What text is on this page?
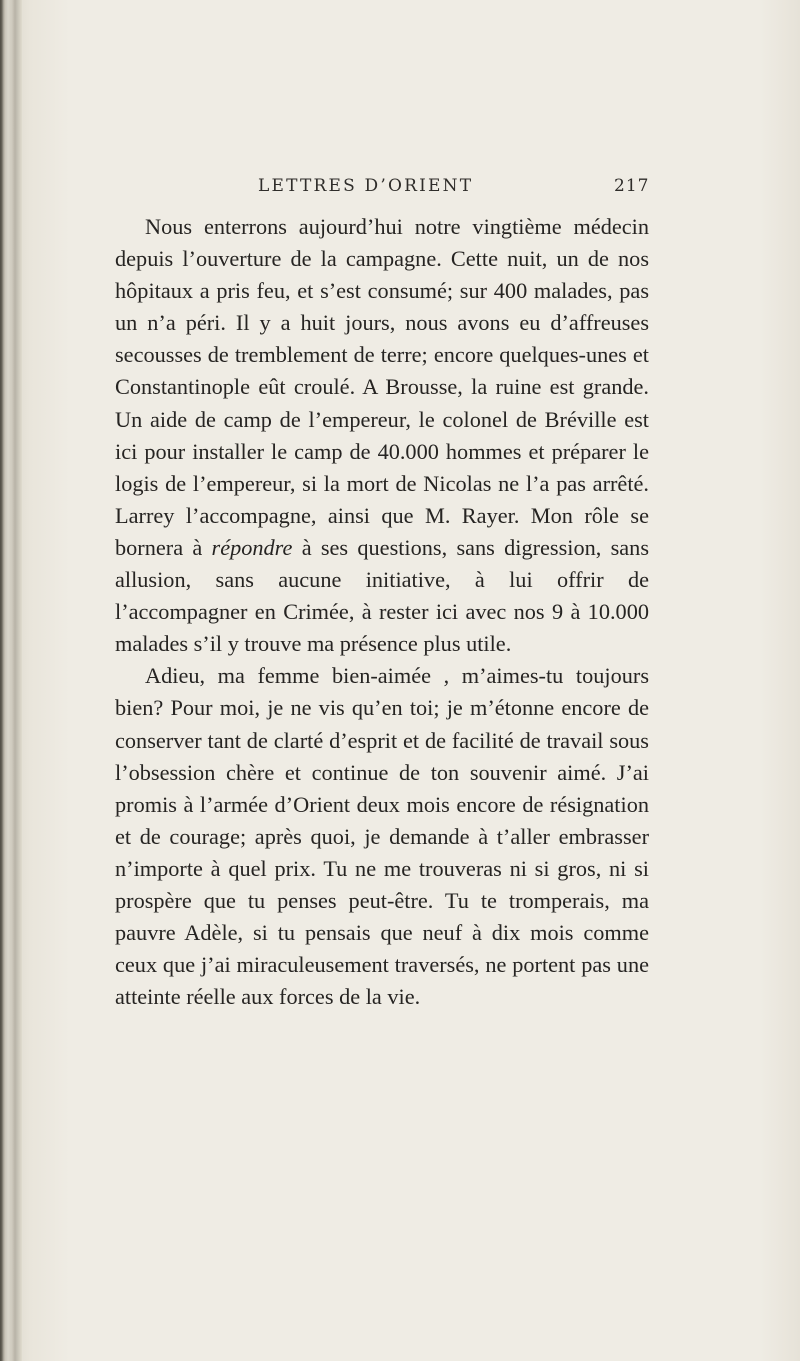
LETTRES D’ORIENT	217

Nous enterrons aujourd’hui notre vingtième médecin depuis l’ouverture de la campagne. Cette nuit, un de nos hôpitaux a pris feu, et s’est consumé; sur 400 malades, pas un n’a péri. Il y a huit jours, nous avons eu d’affreuses secousses de tremblement de terre; encore quelques-unes et Constantinople eût croulé. A Brousse, la ruine est grande. Un aide de camp de l’empereur, le colonel de Bréville est ici pour installer le camp de 40.000 hommes et préparer le logis de l’empereur, si la mort de Nicolas ne l’a pas arrêté. Larrey l’accompagne, ainsi que M. Rayer. Mon rôle se bornera à répondre à ses questions, sans digression, sans allusion, sans aucune initiative, à lui offrir de l’accompagner en Crimée, à rester ici avec nos 9 à 10.000 malades s’il y trouve ma présence plus utile.

Adieu, ma femme bien-aimée , m’aimes-tu toujours bien? Pour moi, je ne vis qu’en toi; je m’étonne encore de conserver tant de clarté d’esprit et de facilité de travail sous l’obsession chère et continue de ton souvenir aimé. J’ai promis à l’armée d’Orient deux mois encore de résignation et de courage; après quoi, je demande à t’aller embrasser n’importe à quel prix. Tu ne me trouveras ni si gros, ni si prospère que tu penses peut-être. Tu te tromperais, ma pauvre Adèle, si tu pensais que neuf à dix mois comme ceux que j’ai miraculeusement traversés, ne portent pas une atteinte réelle aux forces de la vie.
